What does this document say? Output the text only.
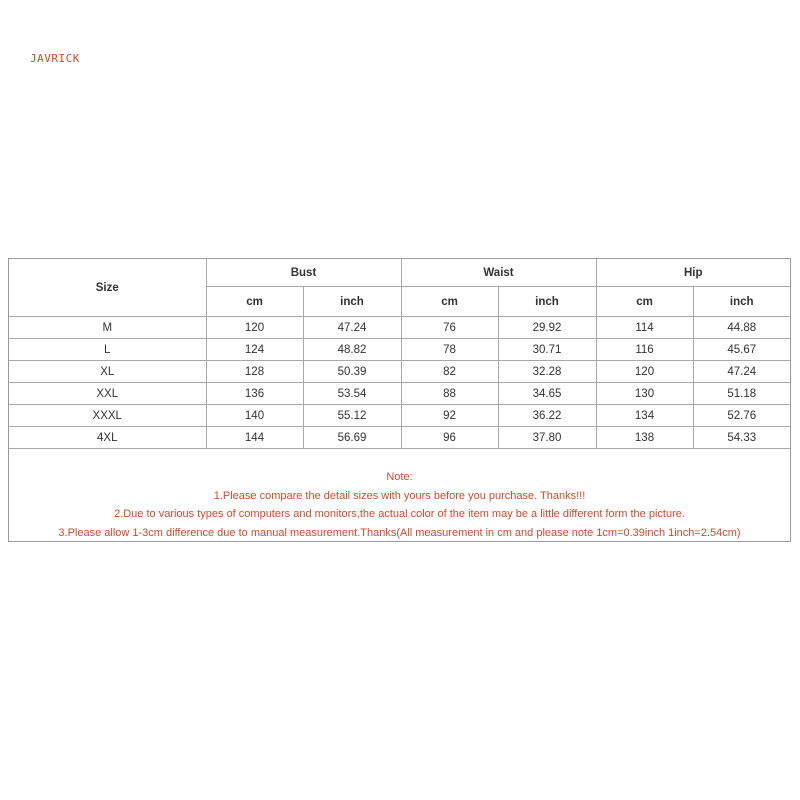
JAVRICK
Size	Bust		Waist		Hip	
	cm	inch	cm	inch	cm	inch
M	120	47.24	76	29.92	114	44.88
L	124	48.82	78	30.71	116	45.67
XL	128	50.39	82	32.28	120	47.24
XXL	136	53.54	88	34.65	130	51.18
XXXL	140	55.12	92	36.22	134	52.76
4XL	144	56.69	96	37.80	138	54.33
Note:
1.Please compare the detail sizes with yours before you purchase. Thanks!!!
2.Due to various types of computers and monitors,the actual color of the item may be a little different form the picture.
3.Please allow 1-3cm difference due to manual measurement.Thanks(All measurement in cm and please note 1cm=0.39inch 1inch=2.54cm)
